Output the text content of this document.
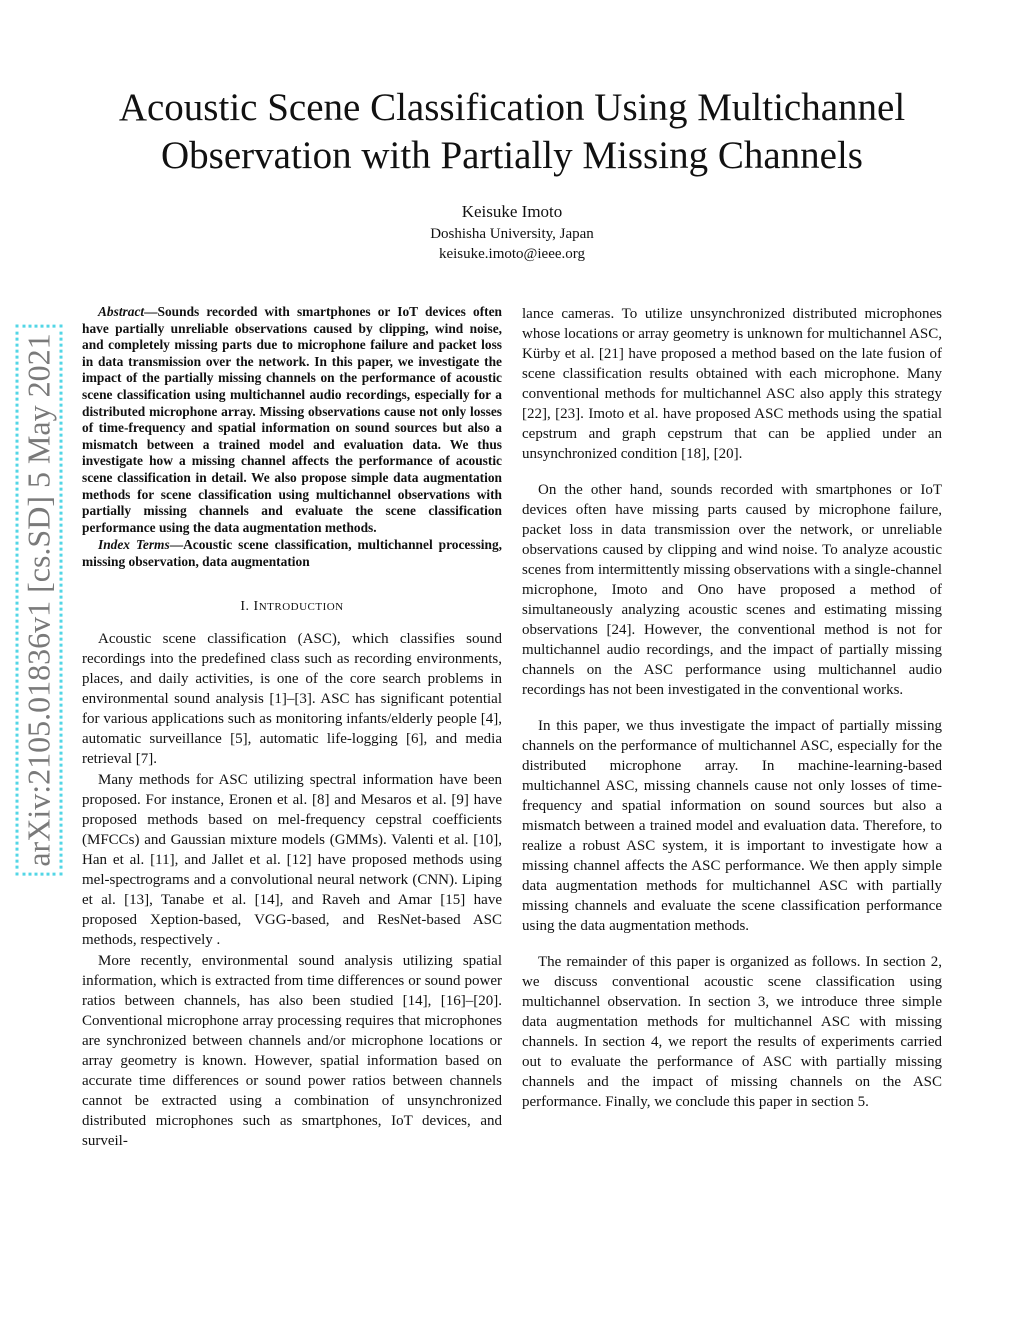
arXiv:2105.01836v1 [cs.SD] 5 May 2021
Acoustic Scene Classification Using Multichannel Observation with Partially Missing Channels
Keisuke Imoto
Doshisha University, Japan
keisuke.imoto@ieee.org

Abstract—Sounds recorded with smartphones or IoT devices often have partially unreliable observations caused by clipping, wind noise, and completely missing parts due to microphone failure and packet loss in data transmission over the network. In this paper, we investigate the impact of the partially missing channels on the performance of acoustic scene classification using multichannel audio recordings, especially for a distributed microphone array. Missing observations cause not only losses of time-frequency and spatial information on sound sources but also a mismatch between a trained model and evaluation data. We thus investigate how a missing channel affects the performance of acoustic scene classification in detail. We also propose simple data augmentation methods for scene classification using multichannel observations with partially missing channels and evaluate the scene classification performance using the data augmentation methods.

Index Terms—Acoustic scene classification, multichannel processing, missing observation, data augmentation

I. INTRODUCTION

Acoustic scene classification (ASC), which classifies sound recordings into the predefined class such as recording environments, places, and daily activities, is one of the core search problems in environmental sound analysis [1]–[3]. ASC has significant potential for various applications such as monitoring infants/elderly people [4], automatic surveillance [5], automatic life-logging [6], and media retrieval [7].

Many methods for ASC utilizing spectral information have been proposed. For instance, Eronen et al. [8] and Mesaros et al. [9] have proposed methods based on mel-frequency cepstral coefficients (MFCCs) and Gaussian mixture models (GMMs). Valenti et al. [10], Han et al. [11], and Jallet et al. [12] have proposed methods using mel-spectrograms and a convolutional neural network (CNN). Liping et al. [13], Tanabe et al. [14], and Raveh and Amar [15] have proposed Xeption-based, VGG-based, and ResNet-based ASC methods, respectively .

More recently, environmental sound analysis utilizing spatial information, which is extracted from time differences or sound power ratios between channels, has also been studied [14], [16]–[20]. Conventional microphone array processing requires that microphones are synchronized between channels and/or microphone locations or array geometry is known. However, spatial information based on accurate time differences or sound power ratios between channels cannot be extracted using a combination of unsynchronized distributed microphones such as smartphones, IoT devices, and surveil-

lance cameras. To utilize unsynchronized distributed microphones whose locations or array geometry is unknown for multichannel ASC, Kürby et al. [21] have proposed a method based on the late fusion of scene classification results obtained with each microphone. Many conventional methods for multichannel ASC also apply this strategy [22], [23]. Imoto et al. have proposed ASC methods using the spatial cepstrum and graph cepstrum that can be applied under an unsynchronized condition [18], [20].

On the other hand, sounds recorded with smartphones or IoT devices often have missing parts caused by microphone failure, packet loss in data transmission over the network, or unreliable observations caused by clipping and wind noise. To analyze acoustic scenes from intermittently missing observations with a single-channel microphone, Imoto and Ono have proposed a method of simultaneously analyzing acoustic scenes and estimating missing observations [24]. However, the conventional method is not for multichannel audio recordings, and the impact of partially missing channels on the ASC performance using multichannel audio recordings has not been investigated in the conventional works.

In this paper, we thus investigate the impact of partially missing channels on the performance of multichannel ASC, especially for the distributed microphone array. In machine-learning-based multichannel ASC, missing channels cause not only losses of time-frequency and spatial information on sound sources but also a mismatch between a trained model and evaluation data. Therefore, to realize a robust ASC system, it is important to investigate how a missing channel affects the ASC performance. We then apply simple data augmentation methods for multichannel ASC with partially missing channels and evaluate the scene classification performance using the data augmentation methods.

The remainder of this paper is organized as follows. In section 2, we discuss conventional acoustic scene classification using multichannel observation. In section 3, we introduce three simple data augmentation methods for multichannel ASC with missing channels. In section 4, we report the results of experiments carried out to evaluate the performance of ASC with partially missing channels and the impact of missing channels on the ASC performance. Finally, we conclude this paper in section 5.
